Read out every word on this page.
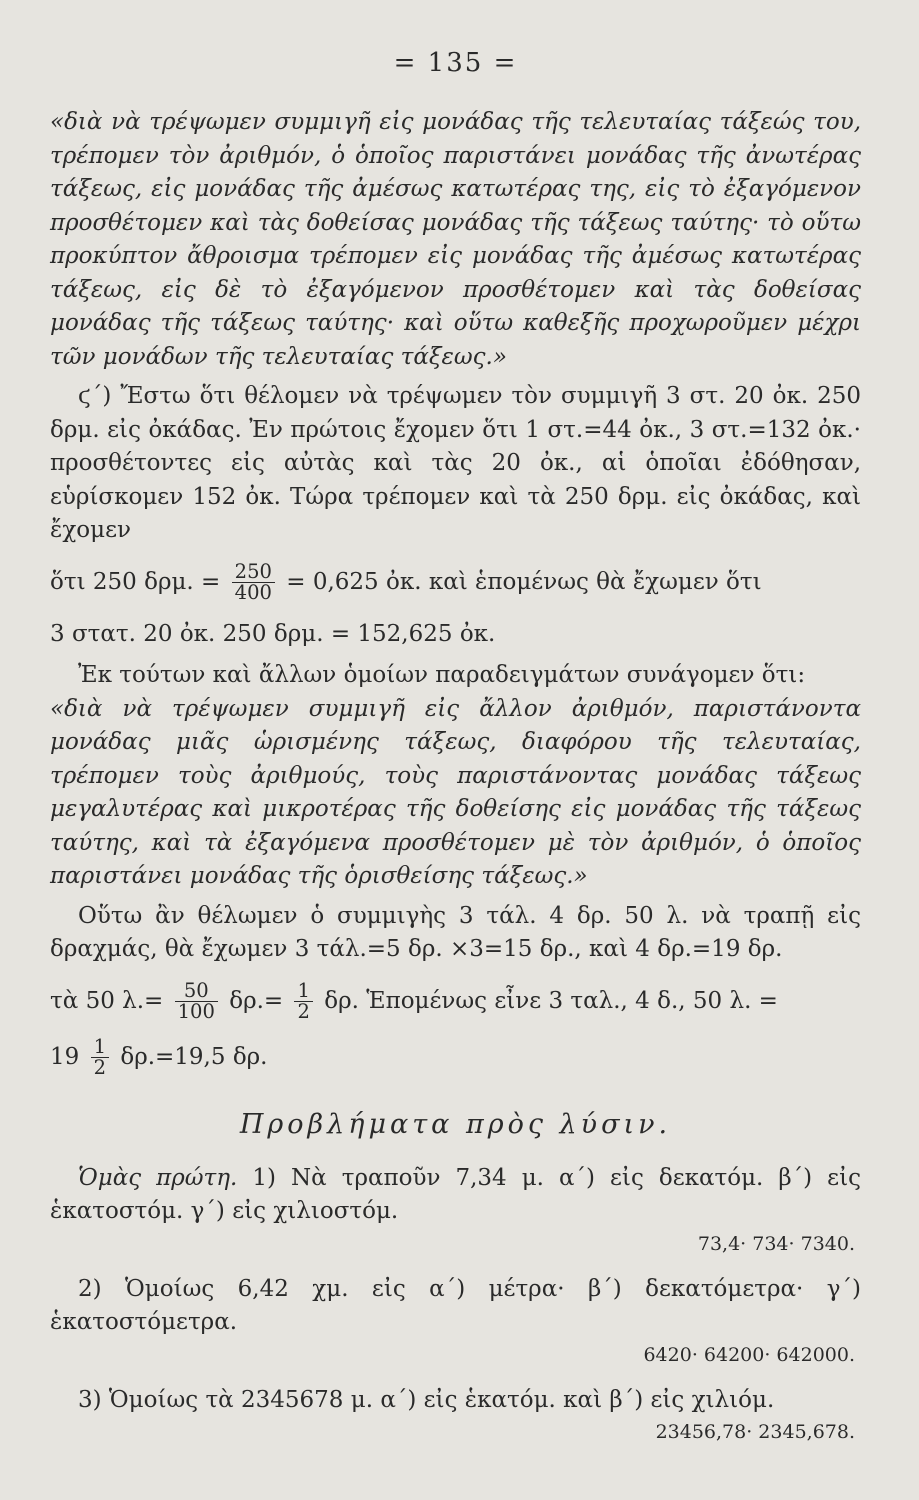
= 135 =

«διὰ νὰ τρέψωμεν συμμιγῆ εἰς μονάδας τῆς τελευταίας τάξεώς του, τρέπομεν τὸν ἀριθμόν, ὁ ὁποῖος παριστάνει μονάδας τῆς ἀνωτέρας τάξεως, εἰς μονάδας τῆς ἀμέσως κατωτέρας της, εἰς τὸ ἐξαγόμενον προσθέτομεν καὶ τὰς δοθείσας μονάδας τῆς τάξεως ταύτης· τὸ οὕτω προκύπτον ἄθροισμα τρέπομεν εἰς μονάδας τῆς ἀμέσως κατωτέρας τάξεως, εἰς δὲ τὸ ἐξαγόμενον προσθέτομεν καὶ τὰς δοθείσας μονάδας τῆς τάξεως ταύτης· καὶ οὕτω καθεξῆς προχωροῦμεν μέχρι τῶν μονάδων τῆς τελευταίας τάξεως.»

ϛ΄) Ἔστω ὅτι θέλομεν νὰ τρέψωμεν τὸν συμμιγῆ 3 στ. 20 ὀκ. 250 δρμ. εἰς ὀκάδας. Ἐν πρώτοις ἔχομεν ὅτι 1 στ.=44 ὀκ., 3 στ.=132 ὀκ.· προσθέτοντες εἰς αὐτὰς καὶ τὰς 20 ὀκ., αἱ ὁποῖαι ἐδόθησαν, εὑρίσκομεν 152 ὀκ. Τώρα τρέπομεν καὶ τὰ 250 δρμ. εἰς ὀκάδας, καὶ ἔχομεν

ὅτι 250 δρμ. = $\frac{250}{400} = 0,625$ ὀκ. καὶ ἑπομένως θὰ ἔχωμεν ὅτι

3 στατ. 20 ὀκ. 250 δρμ. = 152,625 ὀκ.

Ἐκ τούτων καὶ ἄλλων ὁμοίων παραδειγμάτων συνάγομεν ὅτι:

«διὰ νὰ τρέψωμεν συμμιγῆ εἰς ἄλλον ἀριθμόν, παριστάνοντα μονάδας μιᾶς ὡρισμένης τάξεως, διαφόρου τῆς τελευταίας, τρέπομεν τοὺς ἀριθμούς, τοὺς παριστάνοντας μονάδας τάξεως μεγαλυτέρας καὶ μικροτέρας τῆς δοθείσης εἰς μονάδας τῆς τάξεως ταύτης, καὶ τὰ ἐξαγόμενα προσθέτομεν μὲ τὸν ἀριθμόν, ὁ ὁποῖος παριστάνει μονάδας τῆς ὁρισθείσης τάξεως.»

Οὕτω ἂν θέλωμεν ὁ συμμιγὴς 3 τάλ. 4 δρ. 50 λ. νὰ τραπῇ εἰς δραχμάς, θὰ ἔχωμεν 3 τάλ.=5 δρ. ×3=15 δρ., καὶ 4 δρ.=19 δρ.

τὰ 50 $\lambda.= \frac{50}{100} \delta\rho.= \frac{1}{2} \delta\rho$. Ἑπομένως εἶνε 3 ταλ., 4 δ., 50 λ. =
$19 \frac{1}{2} \delta\rho.=19,5$ δρ.
Προβλήματα πρὸς λύσιν.

Ὁμὰς πρώτη. 1) Νὰ τραποῦν 7,34 μ. α΄) εἰς δεκατόμ. β΄) εἰς ἑκατοστόμ. γ΄) εἰς χιλιοστόμ.

73,4· 734· 7340.

2) Ὁμοίως 6,42 χμ. εἰς α΄) μέτρα· β΄) δεκατόμετρα· γ΄) ἑκατοστόμετρα.

6420· 64200· 642000.

3) Ὁμοίως τὰ 2345678 μ. α΄) εἰς ἑκατόμ. καὶ β΄) εἰς χιλιόμ.

23456,78· 2345,678.
